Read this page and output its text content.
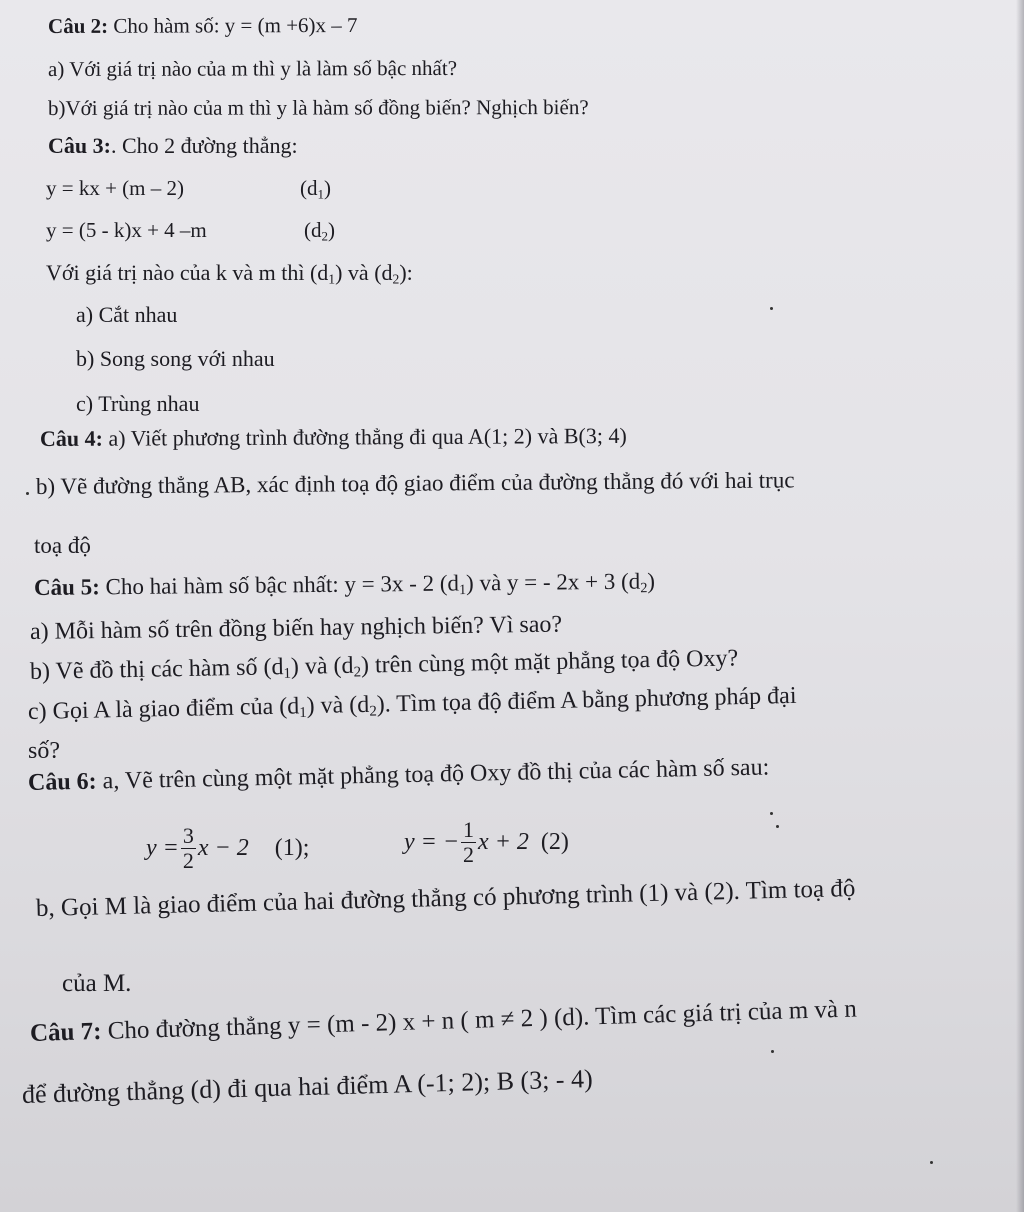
Câu 2: Cho hàm số: y = (m +6)x – 7
a) Với giá trị nào của m thì y là làm số bậc nhất?
b)Với giá trị nào của m thì y là hàm số đồng biến? Nghịch biến?
Câu 3:. Cho 2 đường thẳng:
y = kx + (m – 2)	$(d_1)$
y = (5 - k)x + 4 –m	$(d_2)$
Với giá trị nào của k và m thì $(d_1)$ và $(d_2)$:
a) Cắt nhau
b) Song song với nhau
c) Trùng nhau
Câu 4: a) Viết phương trình đường thẳng đi qua A(1; 2) và B(3; 4)
b) Vẽ đường thẳng AB, xác định toạ độ giao điểm của đường thẳng đó với hai trục
toạ độ
Câu 5: Cho hai hàm số bậc nhất: y = 3x - 2 $(d_1)$ và y = - 2x + 3 $(d_2)$
a) Mỗi hàm số trên đồng biến hay nghịch biến? Vì sao?
b) Vẽ đồ thị các hàm số $(d_1)$ và $(d_2)$ trên cùng một mặt phẳng tọa độ Oxy?
c) Gọi A là giao điểm của $(d_1)$ và $(d_2)$. Tìm tọa độ điểm A bằng phương pháp đại
số?
Câu 6: a, Vẽ trên cùng một mặt phẳng toạ độ Oxy đồ thị của các hàm số sau:
$y = \frac{3}{2}$ x − 2 (1);	y = − $\frac{1}{2}$ x + 2 (2)
b, Gọi M là giao điểm của hai đường thẳng có phương trình (1) và (2). Tìm toạ độ
của M.
Câu 7: Cho đường thẳng y = (m - 2) x + n ( m ≠ 2 ) (d). Tìm các giá trị của m và n
để đường thẳng (d) đi qua hai điểm A (-1; 2); B (3; - 4)
